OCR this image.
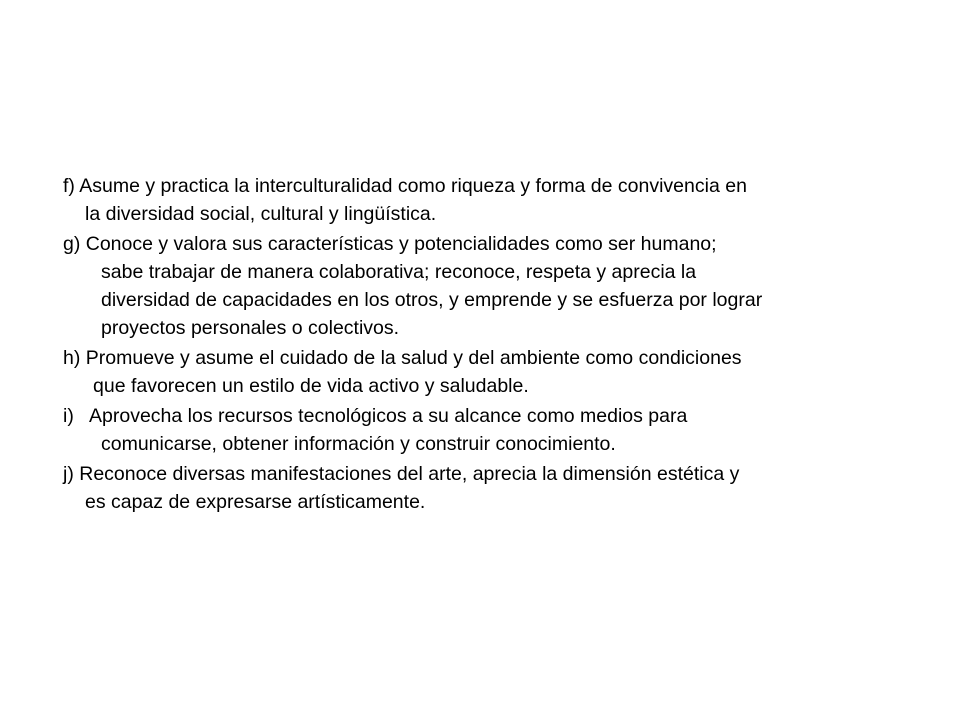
f) Asume y practica la interculturalidad como riqueza y forma de convivencia en
la diversidad social, cultural y lingüística.
g) Conoce y valora sus características y potencialidades como ser humano;
sabe trabajar de manera colaborativa; reconoce, respeta y aprecia la
diversidad de capacidades en los otros, y emprende y se esfuerza por lograr
proyectos personales o colectivos.
h) Promueve y asume el cuidado de la salud y del ambiente como condiciones
que favorecen un estilo de vida activo y saludable.
i)   Aprovecha los recursos tecnológicos a su alcance como medios para
comunicarse, obtener información y construir conocimiento.
j) Reconoce diversas manifestaciones del arte, aprecia la dimensión estética y
es capaz de expresarse artísticamente.
